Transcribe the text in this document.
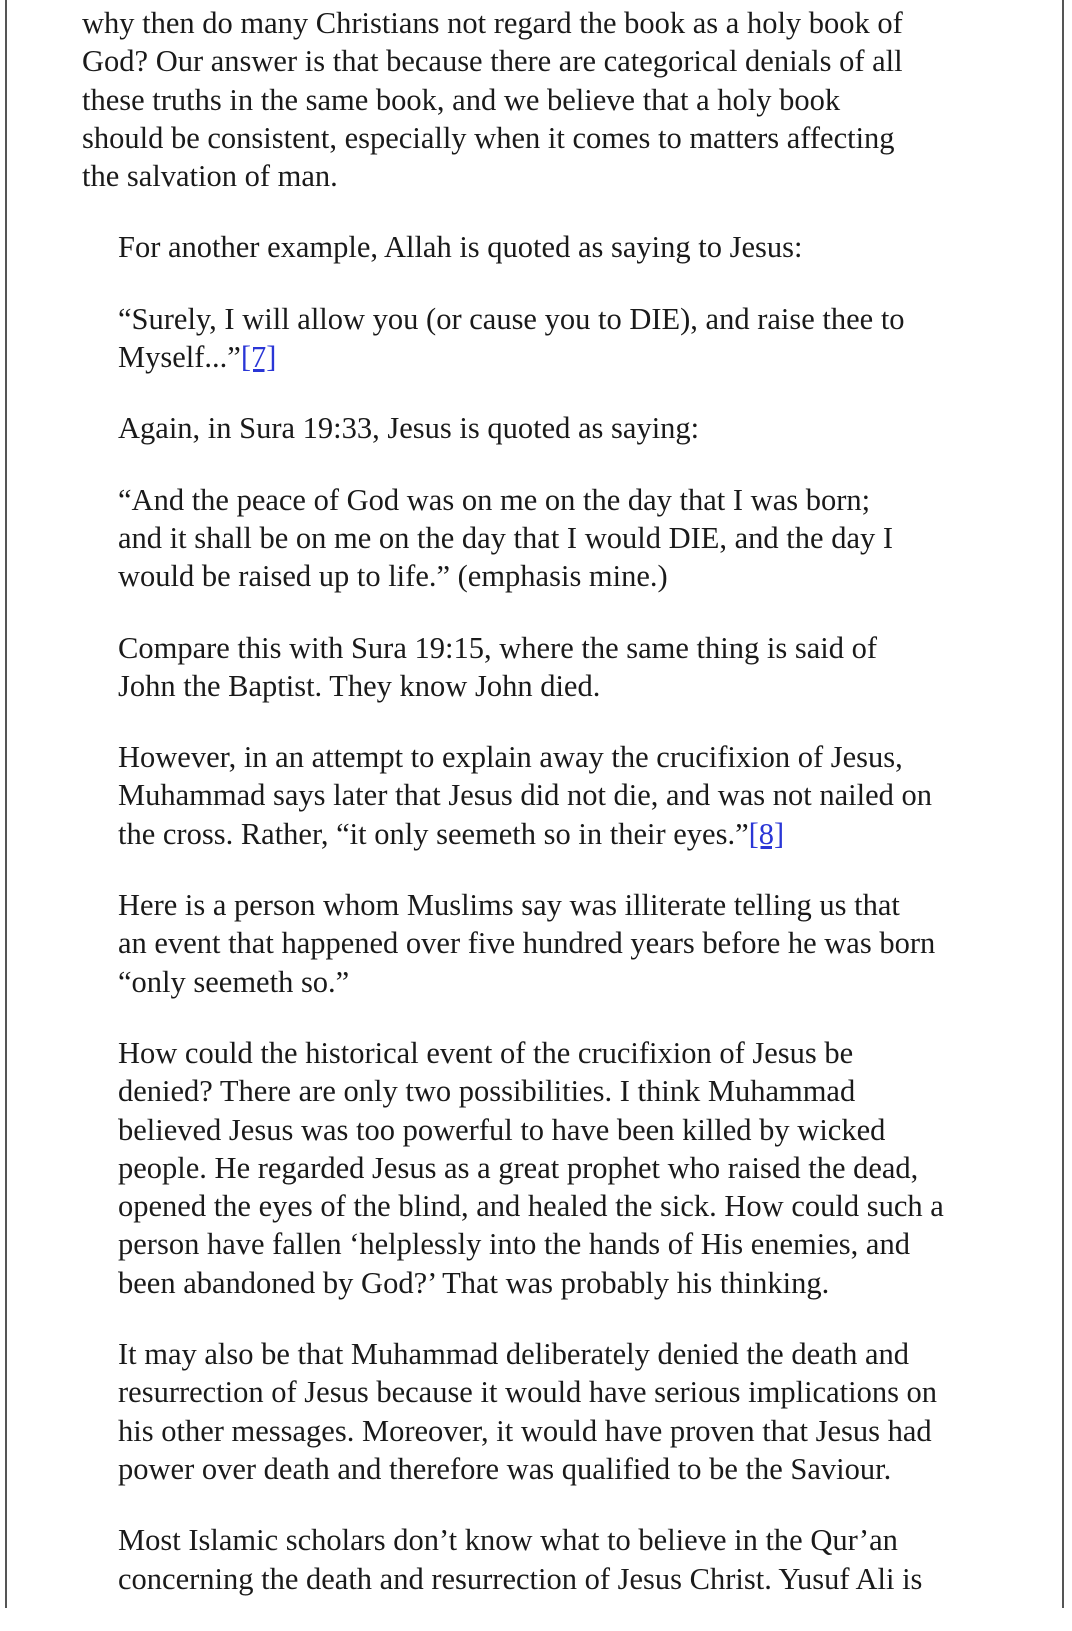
why then do many Christians not regard the book as a holy book of
God? Our answer is that because there are categorical denials of all
these truths in the same book, and we believe that a holy book
should be consistent, especially when it comes to matters affecting
the salvation of man.

For another example, Allah is quoted as saying to Jesus:

“Surely, I will allow you (or cause you to DIE), and raise thee to
Myself...”[7]

Again, in Sura 19:33, Jesus is quoted as saying:

“And the peace of God was on me on the day that I was born;
and it shall be on me on the day that I would DIE, and the day I
would be raised up to life.” (emphasis mine.)

Compare this with Sura 19:15, where the same thing is said of
John the Baptist. They know John died.

However, in an attempt to explain away the crucifixion of Jesus,
Muhammad says later that Jesus did not die, and was not nailed on
the cross. Rather, “it only seemeth so in their eyes.”[8]

Here is a person whom Muslims say was illiterate telling us that
an event that happened over five hundred years before he was born
“only seemeth so.”

How could the historical event of the crucifixion of Jesus be
denied? There are only two possibilities. I think Muhammad
believed Jesus was too powerful to have been killed by wicked
people. He regarded Jesus as a great prophet who raised the dead,
opened the eyes of the blind, and healed the sick. How could such a
person have fallen ‘helplessly into the hands of His enemies, and
been abandoned by God?’ That was probably his thinking.

It may also be that Muhammad deliberately denied the death and
resurrection of Jesus because it would have serious implications on
his other messages. Moreover, it would have proven that Jesus had
power over death and therefore was qualified to be the Saviour.

Most Islamic scholars don’t know what to believe in the Qur’an
concerning the death and resurrection of Jesus Christ. Yusuf Ali is
